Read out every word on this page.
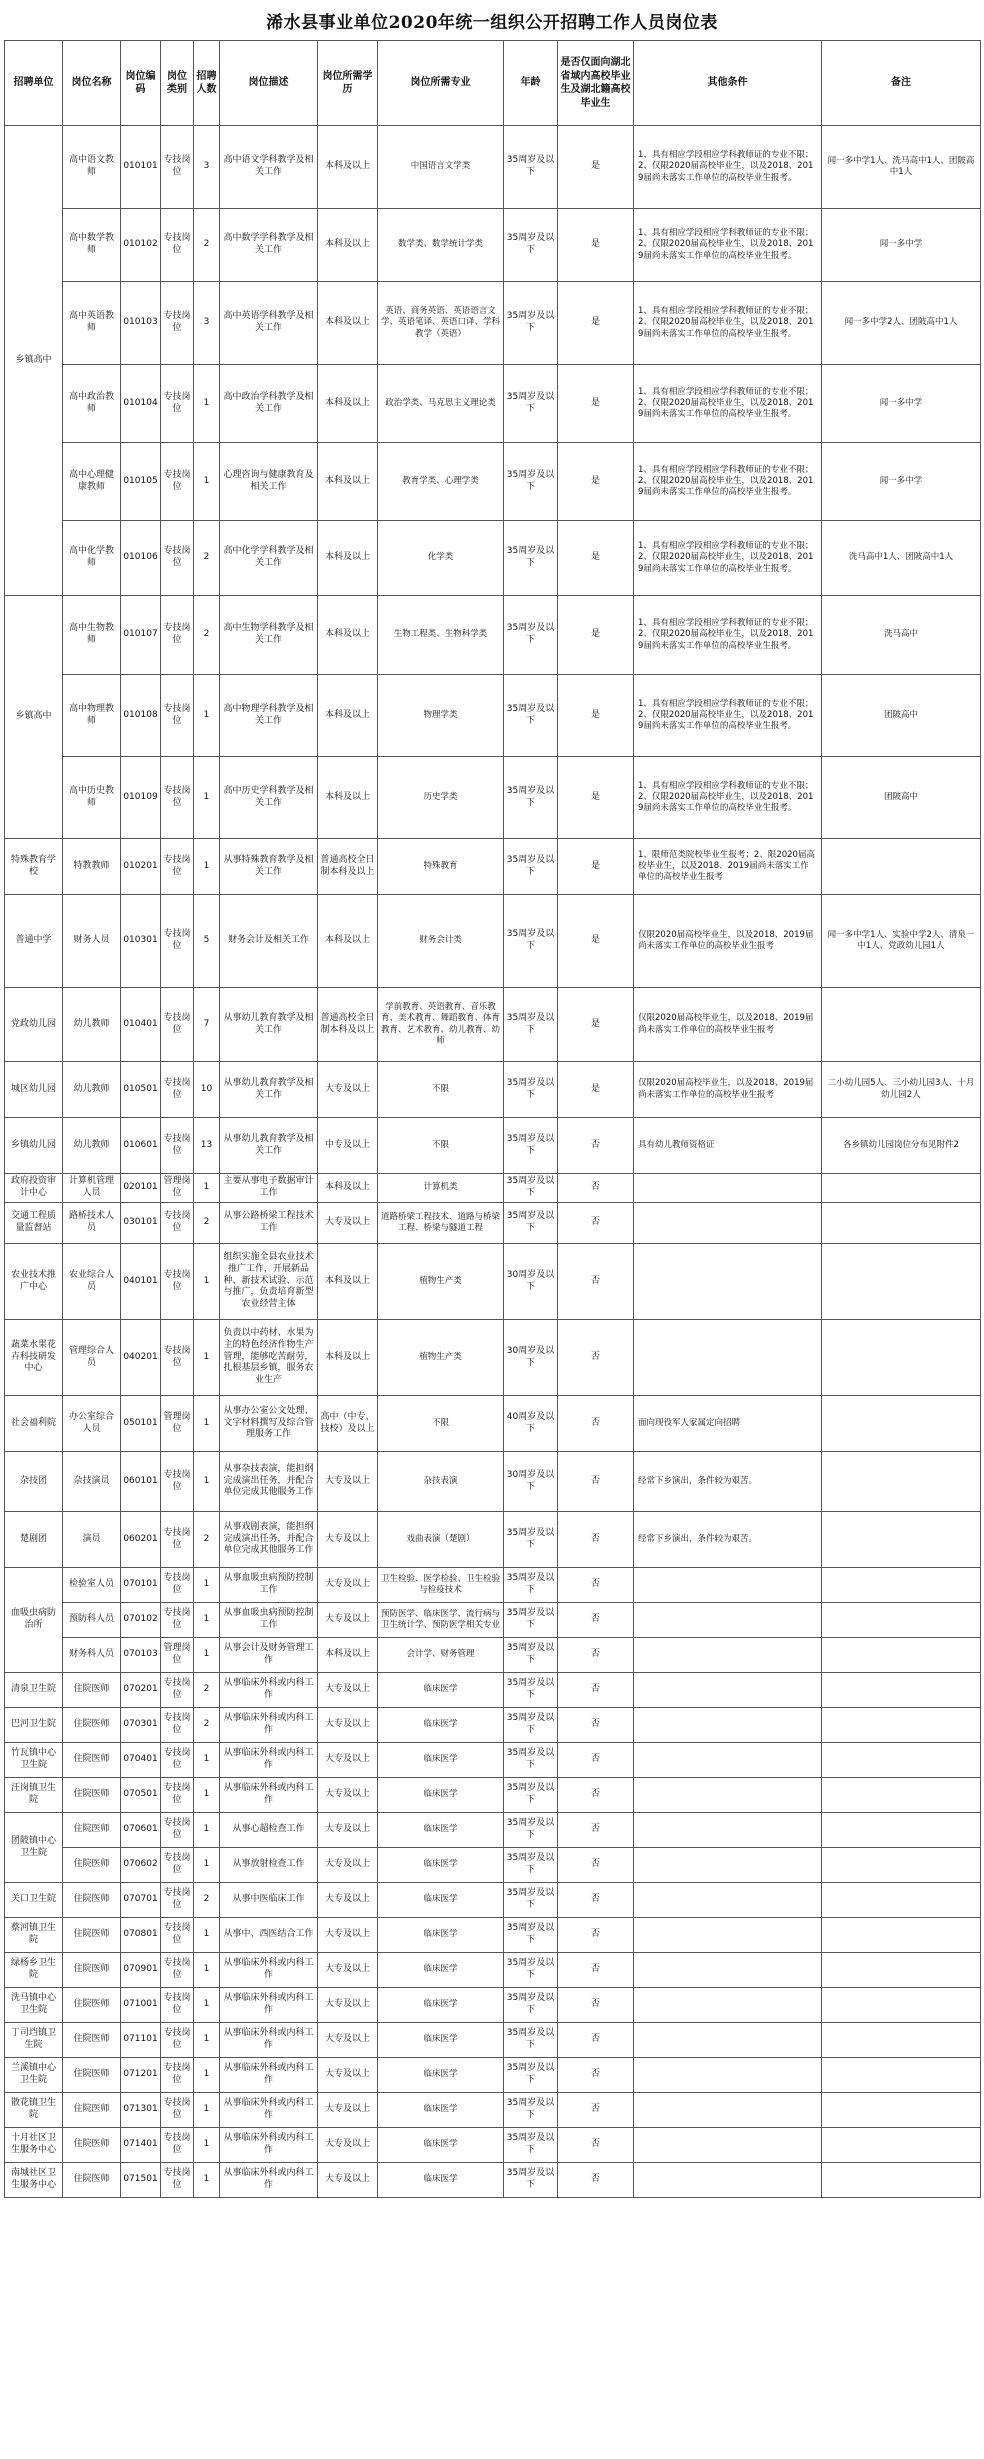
浠水县事业单位2020年统一组织公开招聘工作人员岗位表
招聘单位	岗位名称	岗位编码	岗位类别	招聘人数	岗位描述	岗位所需学历	岗位所需专业	年龄	是否仅面向湖北省域内高校毕业生及湖北籍高校毕业生	其他条件	备注
乡镇高中	高中语文教师	010101	专技岗位	3	高中语文学科教学及相关工作	本科及以上	中国语言文学类	35周岁及以下	是	1、具有相应学段相应学科教师证的专业不限；2、仅限2020届高校毕业生，以及2018、2019届尚未落实工作单位的高校毕业生报考。	闻一多中学1人、洗马高中1人、团陂高中1人
	高中数学教师	010102	专技岗位	2	高中数学学科教学及相关工作	本科及以上	数学类、数学统计学类	35周岁及以下	是	1、具有相应学段相应学科教师证的专业不限；2、仅限2020届高校毕业生，以及2018、2019届尚未落实工作单位的高校毕业生报考。	闻一多中学
	高中英语教师	010103	专技岗位	3	高中英语学科教学及相关工作	本科及以上	英语、商务英语、英语语言文学、英语笔译、英语口译、学科教学（英语）	35周岁及以下	是	1、具有相应学段相应学科教师证的专业不限；2、仅限2020届高校毕业生，以及2018、2019届尚未落实工作单位的高校毕业生报考。	闻一多中学2人、团陂高中1人
	高中政治教师	010104	专技岗位	1	高中政治学科教学及相关工作	本科及以上	政治学类、马克思主义理论类	35周岁及以下	是	1、具有相应学段相应学科教师证的专业不限；2、仅限2020届高校毕业生，以及2018、2019届尚未落实工作单位的高校毕业生报考。	闻一多中学
	高中心理健康教师	010105	专技岗位	1	心理咨询与健康教育及相关工作	本科及以上	教育学类、心理学类	35周岁及以下	是	1、具有相应学段相应学科教师证的专业不限；2、仅限2020届高校毕业生，以及2018、2019届尚未落实工作单位的高校毕业生报考。	闻一多中学
	高中化学教师	010106	专技岗位	2	高中化学学科教学及相关工作	本科及以上	化学类	35周岁及以下	是	1、具有相应学段相应学科教师证的专业不限；2、仅限2020届高校毕业生，以及2018、2019届尚未落实工作单位的高校毕业生报考。	洗马高中1人、团陂高中1人
乡镇高中	高中生物教师	010107	专技岗位	2	高中生物学科教学及相关工作	本科及以上	生物工程类、生物科学类	35周岁及以下	是	1、具有相应学段相应学科教师证的专业不限；2、仅限2020届高校毕业生，以及2018、2019届尚未落实工作单位的高校毕业生报考。	洗马高中
	高中物理教师	010108	专技岗位	1	高中物理学科教学及相关工作	本科及以上	物理学类	35周岁及以下	是	1、具有相应学段相应学科教师证的专业不限；2、仅限2020届高校毕业生，以及2018、2019届尚未落实工作单位的高校毕业生报考。	团陂高中
	高中历史教师	010109	专技岗位	1	高中历史学科教学及相关工作	本科及以上	历史学类	35周岁及以下	是	1、具有相应学段相应学科教师证的专业不限；2、仅限2020届高校毕业生，以及2018、2019届尚未落实工作单位的高校毕业生报考。	团陂高中
特殊教育学校	特教教师	010201	专技岗位	1	从事特殊教育教学及相关工作	普通高校全日制本科及以上	特殊教育	35周岁及以下	是	1、限师范类院校毕业生报考；2、限2020届高校毕业生，以及2018、2019届尚未落实工作单位的高校毕业生报考	
普通中学	财务人员	010301	专技岗位	5	财务会计及相关工作	本科及以上	财务会计类	35周岁及以下	是	仅限2020届高校毕业生，以及2018、2019届尚未落实工作单位的高校毕业生报考	闻一多中学1人、实验中学2人、清泉一中1人、党政幼儿园1人
党政幼儿园	幼儿教师	010401	专技岗位	7	从事幼儿教育教学及相关工作	普通高校全日制本科及以上	学前教育、英语教育、音乐教育、美术教育、舞蹈教育、体育教育、艺术教育、幼儿教育、幼师	35周岁及以下	是	仅限2020届高校毕业生，以及2018、2019届尚未落实工作单位的高校毕业生报考	
城区幼儿园	幼儿教师	010501	专技岗位	10	从事幼儿教育教学及相关工作	大专及以上	不限	35周岁及以下	是	仅限2020届高校毕业生，以及2018、2019届尚未落实工作单位的高校毕业生报考	二小幼儿园5人、三小幼儿园3人、十月幼儿园2人
乡镇幼儿园	幼儿教师	010601	专技岗位	13	从事幼儿教育教学及相关工作	中专及以上	不限	35周岁及以下	否	具有幼儿教师资格证	各乡镇幼儿园岗位分布见附件2
政府投资审计中心	计算机管理人员	020101	管理岗位	1	主要从事电子数据审计工作	本科及以上	计算机类	35周岁及以下	否		
交通工程质量监督站	路桥技术人员	030101	专技岗位	2	从事公路桥梁工程技术工作	大专及以上	道路桥梁工程技术、道路与桥梁工程、桥梁与隧道工程	35周岁及以下	否		
农业技术推广中心	农业综合人员	040101	专技岗位	1	组织实施全县农业技术推广工作，开展新品种、新技术试验、示范与推广，负责培育新型农业经营主体	本科及以上	植物生产类	30周岁及以下	否		
蔬菜水果花卉科技研发中心	管理综合人员	040201	专技岗位	1	负责以中药材、水果为主的特色经济作物生产管理，能够吃苦耐劳，扎根基层乡镇，服务农业生产	本科及以上	植物生产类	30周岁及以下	否		
社会福利院	办公室综合人员	050101	管理岗位	1	从事办公室公文处理、文字材料撰写及综合管理服务工作	高中（中专、技校）及以上	不限	40周岁及以下	否	面向现役军人家属定向招聘	
杂技团	杂技演员	060101	专技岗位	1	从事杂技表演，能担纲完成演出任务，并配合单位完成其他服务工作	大专及以上	杂技表演	30周岁及以下	否	经常下乡演出，条件较为艰苦。	
楚剧团	演员	060201	专技岗位	2	从事戏剧表演，能担纲完成演出任务，并配合单位完成其他服务工作	大专及以上	戏曲表演（楚剧）	35周岁及以下	否	经常下乡演出，条件较为艰苦。	
血吸虫病防治所	检验室人员	070101	专技岗位	1	从事血吸虫病预防控制工作	大专及以上	卫生检验、医学检验、卫生检验与检疫技术	35周岁及以下	否		
	预防科人员	070102	专技岗位	1	从事血吸虫病预防控制工作	大专及以上	预防医学、临床医学、流行病与卫生统计学、预防医学相关专业	35周岁及以下	否		
	财务科人员	070103	管理岗位	1	从事会计及财务管理工作	本科及以上	会计学、财务管理	35周岁及以下	否		
清泉卫生院	住院医师	070201	专技岗位	2	从事临床外科或内科工作	大专及以上	临床医学	35周岁及以下	否		
巴河卫生院	住院医师	070301	专技岗位	2	从事临床外科或内科工作	大专及以上	临床医学	35周岁及以下	否		
竹瓦镇中心卫生院	住院医师	070401	专技岗位	1	从事临床外科或内科工作	大专及以上	临床医学	35周岁及以下	否		
汪岗镇卫生院	住院医师	070501	专技岗位	1	从事临床外科或内科工作	大专及以上	临床医学	35周岁及以下	否		
团陂镇中心卫生院	住院医师	070601	专技岗位	1	从事心超检查工作	大专及以上	临床医学	35周岁及以下	否		
	住院医师	070602	专技岗位	1	从事放射检查工作	大专及以上	临床医学	35周岁及以下	否		
关口卫生院	住院医师	070701	专技岗位	2	从事中医临床工作	大专及以上	临床医学	35周岁及以下	否		
蔡河镇卫生院	住院医师	070801	专技岗位	1	从事中、西医结合工作	大专及以上	临床医学	35周岁及以下	否		
绿杨乡卫生院	住院医师	070901	专技岗位	1	从事临床外科或内科工作	大专及以上	临床医学	35周岁及以下	否		
洗马镇中心卫生院	住院医师	071001	专技岗位	1	从事临床外科或内科工作	大专及以上	临床医学	35周岁及以下	否		
丁司垱镇卫生院	住院医师	071101	专技岗位	1	从事临床外科或内科工作	大专及以上	临床医学	35周岁及以下	否		
兰溪镇中心卫生院	住院医师	071201	专技岗位	1	从事临床外科或内科工作	大专及以上	临床医学	35周岁及以下	否		
散花镇卫生院	住院医师	071301	专技岗位	1	从事临床外科或内科工作	大专及以上	临床医学	35周岁及以下	否		
十月社区卫生服务中心	住院医师	071401	专技岗位	1	从事临床外科或内科工作	大专及以上	临床医学	35周岁及以下	否		
南城社区卫生服务中心	住院医师	071501	专技岗位	1	从事临床外科或内科工作	大专及以上	临床医学	35周岁及以下	否		
